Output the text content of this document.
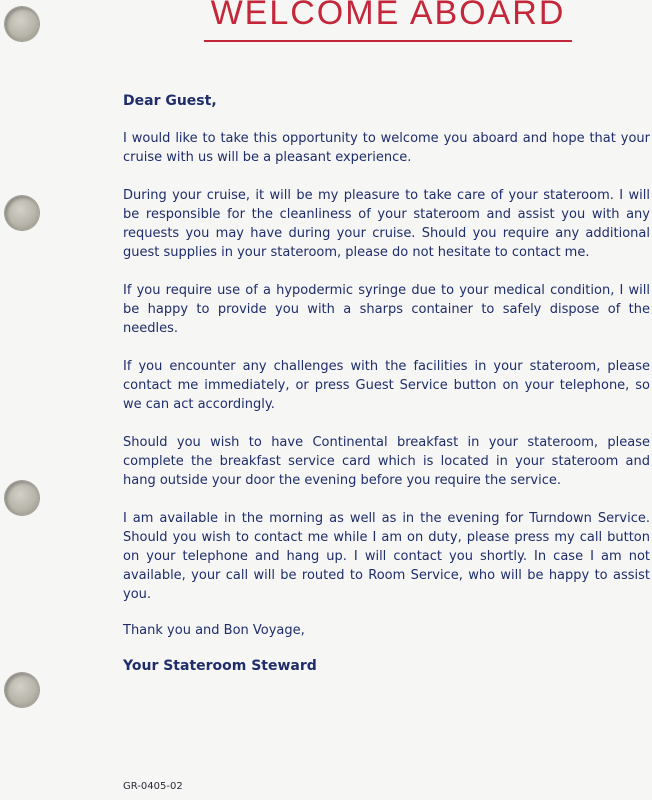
WELCOME ABOARD

Dear Guest,

I would like to take this opportunity to welcome you aboard and hope that your cruise with us will be a pleasant experience.

During your cruise, it will be my pleasure to take care of your stateroom. I will be responsible for the cleanliness of your stateroom and assist you with any requests you may have during your cruise. Should you require any additional guest supplies in your stateroom, please do not hesitate to contact me.

If you require use of a hypodermic syringe due to your medical condition, I will be happy to provide you with a sharps container to safely dispose of the needles.

If you encounter any challenges with the facilities in your stateroom, please contact me immediately, or press Guest Service button on your telephone, so we can act accordingly.

Should you wish to have Continental breakfast in your stateroom, please complete the breakfast service card which is located in your stateroom and hang outside your door the evening before you require the service.

I am available in the morning as well as in the evening for Turndown Service. Should you wish to contact me while I am on duty, please press my call button on your telephone and hang up. I will contact you shortly. In case I am not available, your call will be routed to Room Service, who will be happy to assist you.

Thank you and Bon Voyage,

Your Stateroom Steward

GR-0405-02
